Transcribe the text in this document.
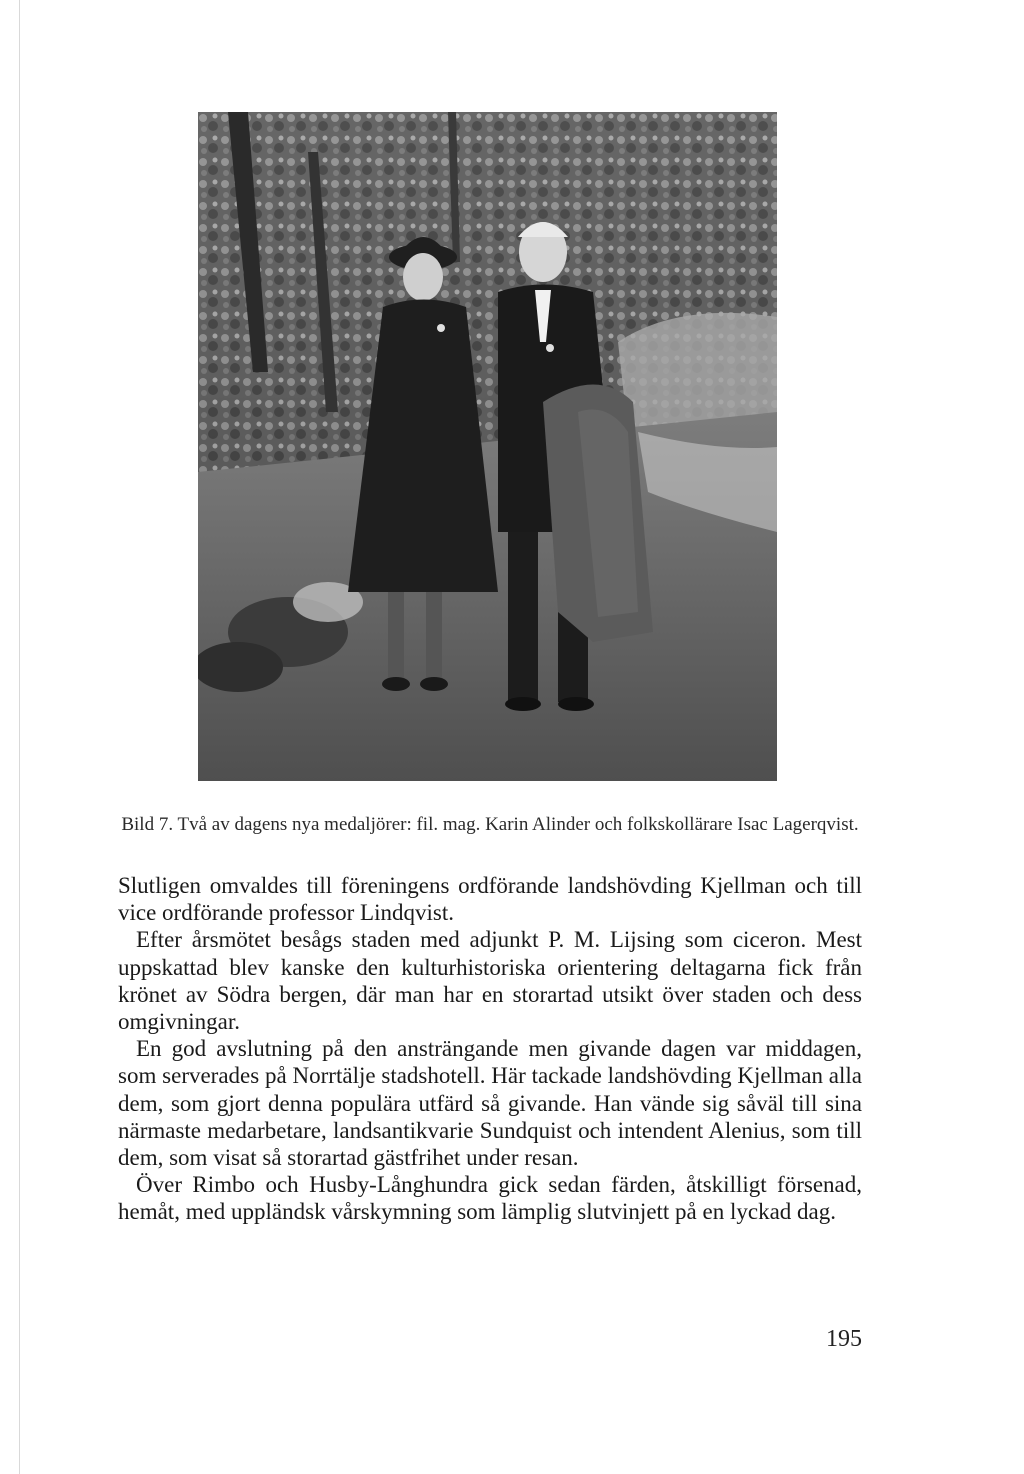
Bild 7. Två av dagens nya medaljörer: fil. mag. Karin Alinder och folkskollärare Isac Lagerqvist.

Slutligen omvaldes till föreningens ordförande landshövding Kjellman och till vice ordförande professor Lindqvist.

Efter årsmötet besågs staden med adjunkt P. M. Lijsing som ciceron. Mest uppskattad blev kanske den kulturhistoriska orientering deltagarna fick från krönet av Södra bergen, där man har en storartad utsikt över staden och dess omgivningar.

En god avslutning på den ansträngande men givande dagen var middagen, som serverades på Norrtälje stadshotell. Här tackade landshövding Kjellman alla dem, som gjort denna populära utfärd så givande. Han vände sig såväl till sina närmaste medarbetare, landsantikvarie Sundquist och intendent Alenius, som till dem, som visat så storartad gästfrihet under resan.

Över Rimbo och Husby-Långhundra gick sedan färden, åtskilligt försenad, hemåt, med uppländsk vårskymning som lämplig slutvinjett på en lyckad dag.

195
